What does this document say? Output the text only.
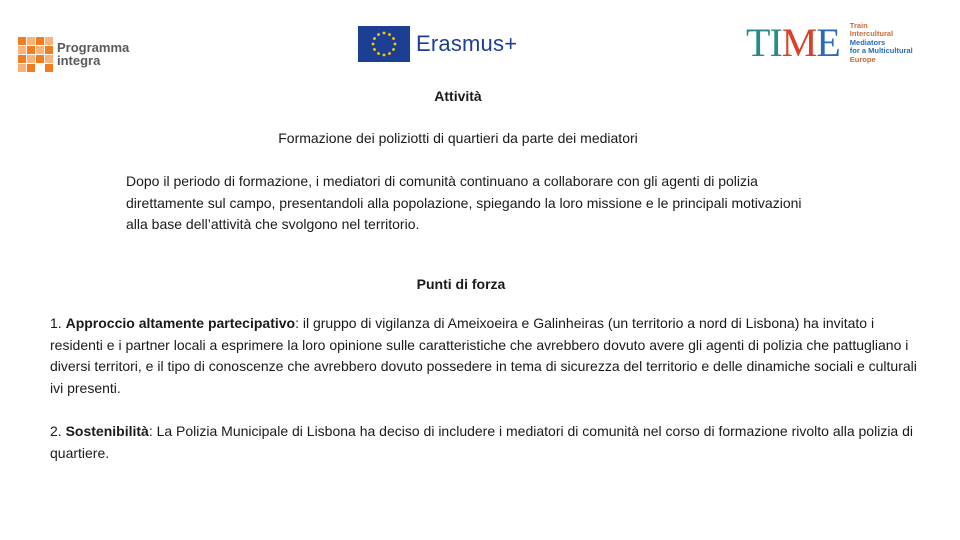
Programma
integra
Erasmus+	TIME Train
Intercultural
Mediators
for a Multicultural
Europe
Attività
Formazione dei poliziotti di quartieri da parte dei mediatori
Dopo il periodo di formazione, i mediatori di comunità continuano a collaborare con gli agenti di polizia direttamente sul campo, presentandoli alla popolazione, spiegando la loro missione e le principali motivazioni alla base dell’attività che svolgono nel territorio.
Punti di forza
1. Approccio altamente partecipativo: il gruppo di vigilanza di Ameixoeira e Galinheiras (un territorio a nord di Lisbona) ha invitato i residenti e i partner locali a esprimere la loro opinione sulle caratteristiche che avrebbero dovuto avere gli agenti di polizia che pattugliano i diversi territori, e il tipo di conoscenze che avrebbero dovuto possedere in tema di sicurezza del territorio e delle dinamiche sociali e culturali ivi presenti.
2. Sostenibilità: La Polizia Municipale di Lisbona ha deciso di includere i mediatori di comunità nel corso di formazione rivolto alla polizia di quartiere.
